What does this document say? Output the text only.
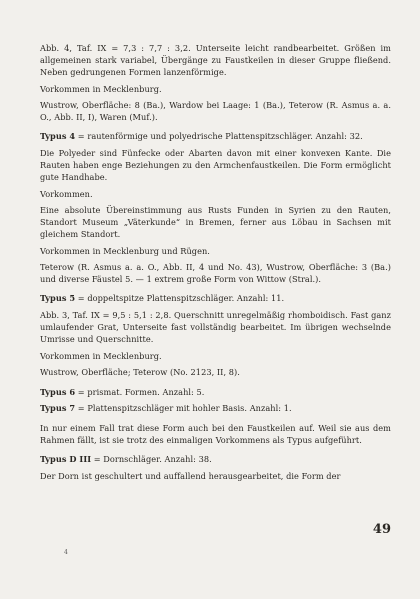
Abb. 4, Taf. IX = 7,3 : 7,7 : 3,2. Unterseite leicht randbearbeitet. Größen im allgemeinen stark variabel, Übergänge zu Faustkeilen in dieser Gruppe fließend. Neben gedrungenen Formen lanzenförmige.

Vorkommen in Mecklenburg.

Wustrow, Oberfläche: 8 (Ba.), Wardow bei Laage: 1 (Ba.), Teterow (R. Asmus a. a. O., Abb. II, I), Waren (Muf.).

Typus 4 = rautenförmige und polyedrische Plattenspitzschläger. Anzahl: 32.

Die Polyeder sind Fünfecke oder Abarten davon mit einer konvexen Kante. Die Rauten haben enge Beziehungen zu den Armchenfaustkeilen. Die Form ermöglicht gute Handhabe.

Vorkommen.

Eine absolute Übereinstimmung aus Rusts Funden in Syrien zu den Rauten, Standort Museum „Väterkunde“ in Bremen, ferner aus Löbau in Sachsen mit gleichem Standort.

Vorkommen in Mecklenburg und Rügen.

Teterow (R. Asmus a. a. O., Abb. II, 4 und No. 43), Wustrow, Oberfläche: 3 (Ba.) und diverse Fäustel 5. — 1 extrem große Form von Wittow (Stral.).

Typus 5 = doppeltspitze Plattenspitzschläger. Anzahl: 11.

Abb. 3, Taf. IX = 9,5 : 5,1 : 2,8. Querschnitt unregelmäßig rhomboidisch. Fast ganz umlaufender Grat, Unterseite fast vollständig bearbeitet. Im übrigen wechselnde Umrisse und Querschnitte.

Vorkommen in Mecklenburg.

Wustrow, Oberfläche; Teterow (No. 2123, II, 8).

Typus 6 = prismat. Formen. Anzahl: 5.

Typus 7 = Plattenspitzschläger mit hohler Basis. Anzahl: 1.

In nur einem Fall trat diese Form auch bei den Faustkeilen auf. Weil sie aus dem Rahmen fällt, ist sie trotz des einmaligen Vorkommens als Typus aufgeführt.

Typus D III = Dornschläger. Anzahl: 38.

Der Dorn ist geschultert und auffallend herausgearbeitet, die Form der

4
49
